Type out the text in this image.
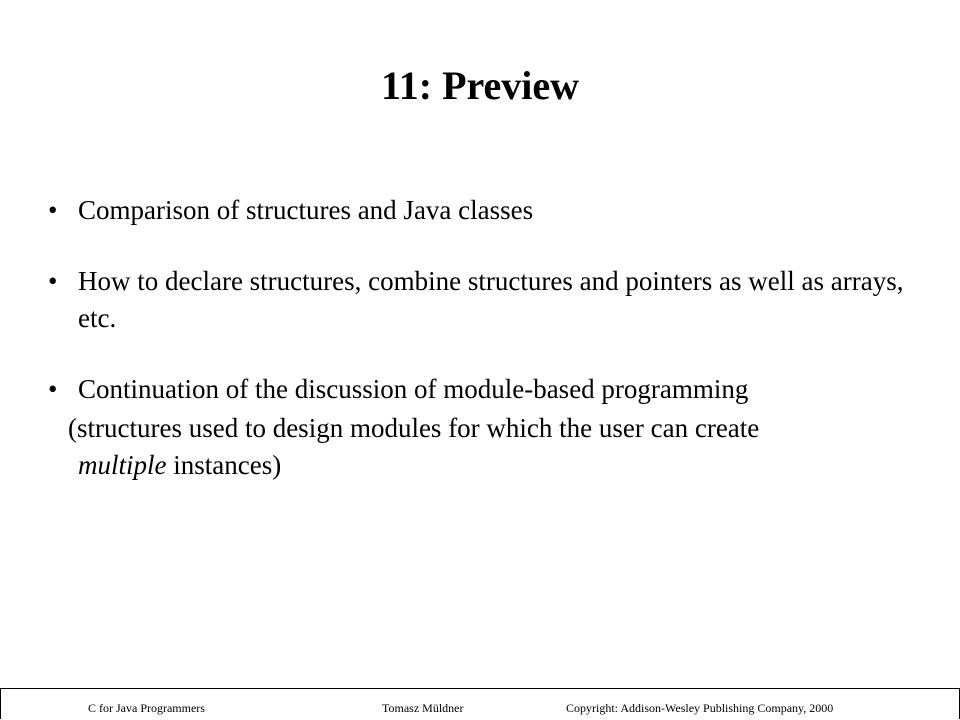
11: Preview
• Comparison of structures and Java classes
• How to declare structures, combine structures and pointers as well as arrays, etc.
• Continuation of the discussion of module-based programming
(structures used to design modules for which the user can create
multiple instances)
C for Java Programmers	Tomasz Müldner	Copyright: Addison-Wesley Publishing Company, 2000
